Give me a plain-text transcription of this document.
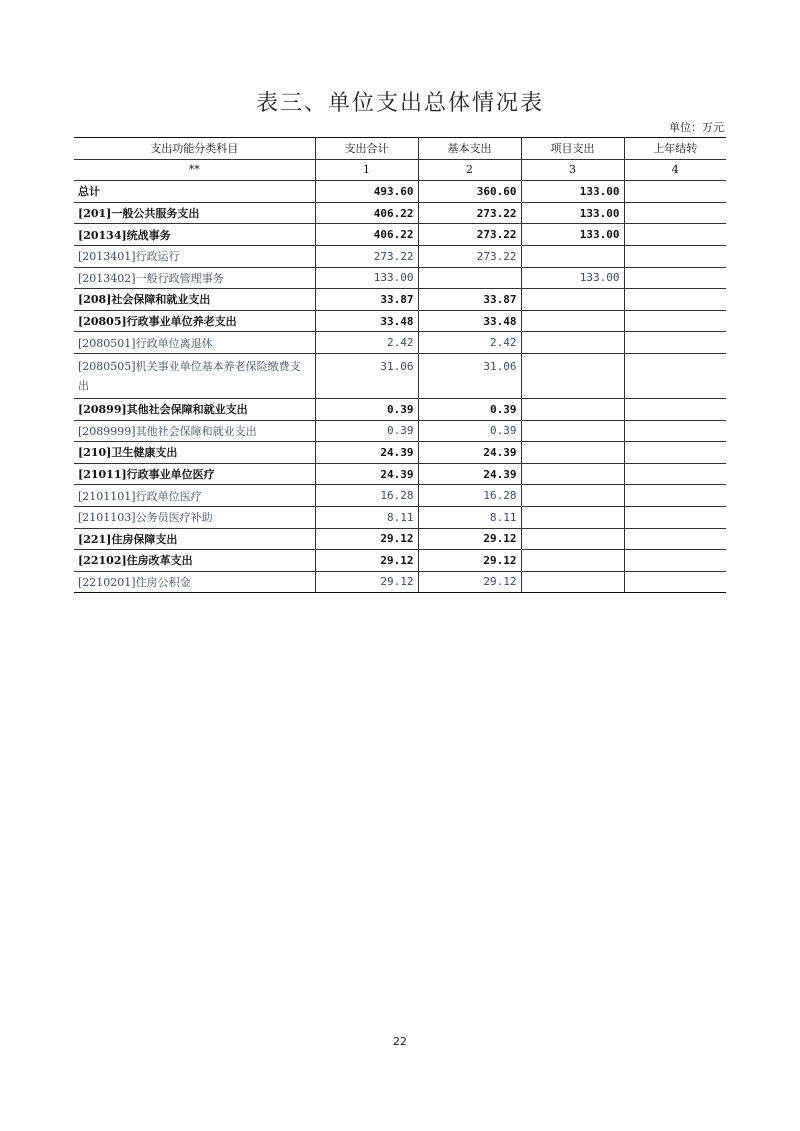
表三、单位支出总体情况表
单位：万元
支出功能分类科目	支出合计	基本支出	项目支出	上年结转
**	1	2	3	4
总计	493.60	360.60	133.00	
[201]一般公共服务支出	406.22	273.22	133.00	
[20134]统战事务	406.22	273.22	133.00	
[2013401]行政运行	273.22	273.22		
[2013402]一般行政管理事务	133.00		133.00	
[208]社会保障和就业支出	33.87	33.87		
[20805]行政事业单位养老支出	33.48	33.48		
[2080501]行政单位离退休	2.42	2.42		
[2080505]机关事业单位基本养老保险缴费支出	31.06	31.06		
[20899]其他社会保障和就业支出	0.39	0.39		
[2089999]其他社会保障和就业支出	0.39	0.39		
[210]卫生健康支出	24.39	24.39		
[21011]行政事业单位医疗	24.39	24.39		
[2101101]行政单位医疗	16.28	16.28		
[2101103]公务员医疗补助	8.11	8.11		
[221]住房保障支出	29.12	29.12		
[22102]住房改革支出	29.12	29.12		
[2210201]住房公积金	29.12	29.12		
22
